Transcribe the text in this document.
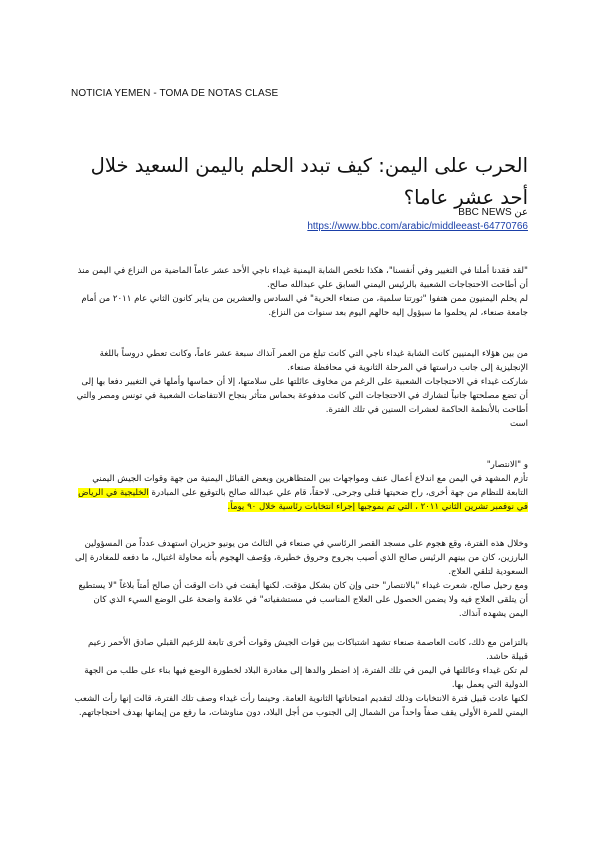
NOTICIA YEMEN - TOMA DE NOTAS CLASE
الحرب على اليمن: كيف تبدد الحلم باليمن السعيد خلال أحد عشر عاما؟
عن BBC NEWS
https://www.bbc.com/arabic/middleeast-64770766

"لقد فقدنا أملنا في التغيير وفي أنفسنا"، هكذا تلخص الشابة اليمنية غيداء ناجي الأحد عشر عاماً الماضية من النزاع في اليمن منذ أن أطاحت الاحتجاجات الشعبية بالرئيس اليمني السابق علي عبدالله صالح.

لم يحلم اليمنيون ممن هتفوا "ثورتنا سلمية، من صنعاء الحرية" في السادس والعشرين من يناير كانون الثاني عام ٢٠١١ من أمام جامعة صنعاء، لم يحلموا ما سيؤول إليه حالهم اليوم بعد سنوات من النزاع.

من بين هؤلاء اليمنيين كانت الشابة غيداء ناجي التي كانت تبلغ من العمر آنذاك سبعة عشر عاماً، وكانت تعطي دروساً باللغة الإنجليزية إلى جانب دراستها في المرحلة الثانوية في محافظة صنعاء.

شاركت غيداء في الاحتجاجات الشعبية على الرغم من مخاوف عائلتها على سلامتها، إلا أن حماسها وأملها في التغيير دفعا بها إلى أن تضع مصلحتها جانباً لتشارك في الاحتجاجات التي كانت مدفوعة بحماس متأثر بنجاح الانتفاضات الشعبية في تونس ومصر والتي أطاحت بالأنظمة الحاكمة لعشرات السنين في تلك الفترة.

است

و "الانتصار"

تأزم المشهد في اليمن مع اندلاع أعمال عنف ومواجهات بين المتظاهرين وبعض القبائل اليمنية من جهة وقوات الجيش اليمني التابعة للنظام من جهة أخرى، راح ضحيتها قتلى وجرحى. لاحقاً، قام علي عبدالله صالح بالتوقيع على المبادرة الخليجية في الرياض في نوفمبر تشرين الثاني ٢٠١١ ، التي تم بموجبها إجراء انتخابات رئاسية خلال ٩٠ يوماً.

وخلال هذه الفترة، وقع هجوم على مسجد القصر الرئاسي في صنعاء في الثالث من يونيو حزيران استهدف عدداً من المسؤولين البارزين، كان من بينهم الرئيس صالح الذي أصيب بجروح وحروق خطيرة، ووُصف الهجوم بأنه محاولة اغتيال، ما دفعه للمغادرة إلى السعودية لتلقي العلاج.

ومع رحيل صالح، شعرت غيداء "بالانتصار" حتى وإن كان بشكل مؤقت. لكنها أيقنت في ذات الوقت أن صالح أمتاً بلاغاً "لا يستطيع أن يتلقى العلاج فيه ولا يضمن الحصول على العلاج المناسب في مستشفياته" في علامة واضحة على الوضع السيء الذي كان اليمن يشهده آنذاك.

بالتزامن مع ذلك، كانت العاصمة صنعاء تشهد اشتباكات بين قوات الجيش وقوات أخرى تابعة للزعيم القبلي صادق الأحمر زعيم قبيلة حاشد.

لم تكن غيداء وعائلتها في اليمن في تلك الفترة، إذ اضطر والدها إلى مغادرة البلاد لخطورة الوضع فيها بناء على طلب من الجهة الدولية التي يعمل بها.

لكنها عادت قبيل فترة الانتخابات وذلك لتقديم امتحاناتها الثانوية العامة. وحينما رأت غيداء وصف تلك الفترة، قالت إنها رأت الشعب اليمني للمرة الأولى يقف صفاً واحداً من الشمال إلى الجنوب من أجل البلاد، دون مناوشات، ما رفع من إيمانها بهدف احتجاجاتهم.
